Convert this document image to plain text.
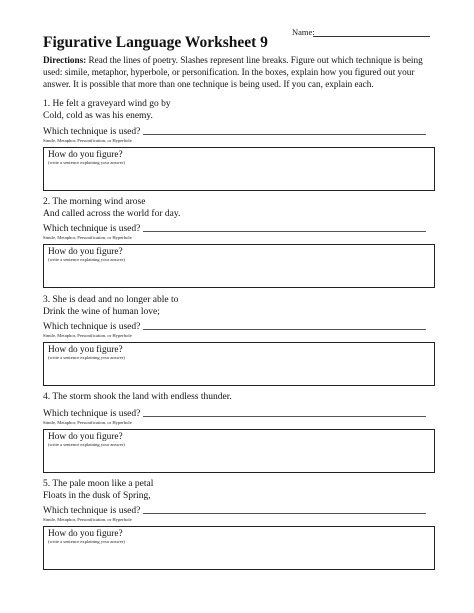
Name:
Figurative Language Worksheet 9
Directions: Read the lines of poetry. Slashes represent line breaks. Figure out which technique is being used: simile, metaphor, hyperbole, or personification. In the boxes, explain how you figured out your answer. It is possible that more than one technique is being used. If you can, explain each.
1. He felt a graveyard wind go by
Cold, cold as was his enemy.
Which technique is used?
Simile, Metaphor, Personification, or Hyperbole
How do you figure?
(write a sentence explaining your answer)
2. The morning wind arose
And called across the world for day.
Which technique is used?
Simile, Metaphor, Personification, or Hyperbole
How do you figure?
(write a sentence explaining your answer)
3. She is dead and no longer able to
Drink the wine of human love;
Which technique is used?
Simile, Metaphor, Personification, or Hyperbole
How do you figure?
(write a sentence explaining your answer)
4. The storm shook the land with endless thunder.
Which technique is used?
Simile, Metaphor, Personification, or Hyperbole
How do you figure?
(write a sentence explaining your answer)
5. The pale moon like a petal
Floats in the dusk of Spring,
Which technique is used?
Simile, Metaphor, Personification, or Hyperbole
How do you figure?
(write a sentence explaining your answer)
